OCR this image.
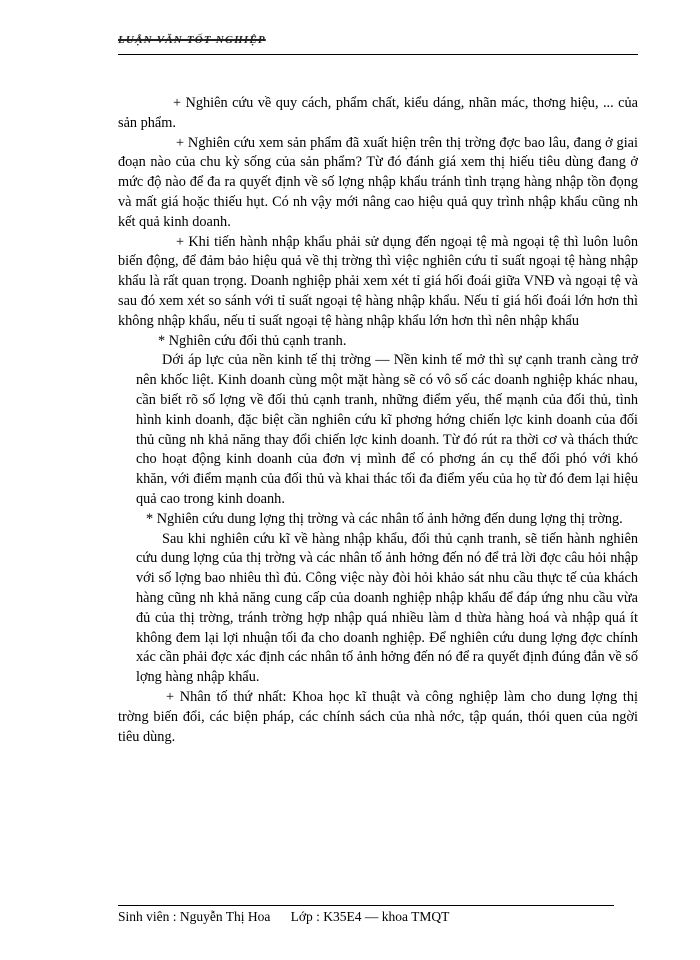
LUẬN VĂN TỐT NGHIỆP

+ Nghiên cứu về quy cách, phẩm chất, kiểu dáng, nhãn mác, thơng hiệu, ... của sản phẩm.

+ Nghiên cứu xem sản phẩm đã xuất hiện trên thị trờng đợc bao lâu, đang ở giai đoạn nào của chu kỳ sống của sản phẩm? Từ đó đánh giá xem thị hiếu tiêu dùng đang ở mức độ nào để đa ra quyết định về số lợng nhập khẩu tránh tình trạng hàng nhập tồn đọng và mất giá hoặc thiếu hụt. Có nh vậy mới nâng cao hiệu quả quy trình nhập khẩu cũng nh kết quả kinh doanh.

+ Khi tiến hành nhập khẩu phải sử dụng đến ngoại tệ mà ngoại tệ thì luôn luôn biến động, để đảm bảo hiệu quả về thị trờng thì việc nghiên cứu tỉ suất ngoại tệ hàng nhập khẩu là rất quan trọng. Doanh nghiệp phải xem xét tỉ giá hối đoái giữa VNĐ và ngoại tệ và sau đó xem xét so sánh với tỉ suất ngoại tệ hàng nhập khẩu. Nếu tỉ giá hối đoái lớn hơn thì không nhập khẩu, nếu tỉ suất ngoại tệ hàng nhập khẩu lớn hơn thì nên nhập khẩu

* Nghiên cứu đối thủ cạnh tranh.

Dới áp lực của nền kinh tế thị trờng — Nền kinh tế mở thì sự cạnh tranh càng trở nên khốc liệt. Kinh doanh cùng một mặt hàng sẽ có vô số các doanh nghiệp khác nhau, cần biết rõ số lợng về đối thủ cạnh tranh, những điểm yếu, thế mạnh của đối thủ, tình hình kinh doanh, đặc biệt cần nghiên cứu kĩ phơng hớng chiến lợc kinh doanh của đối thủ cũng nh khả năng thay đổi chiến lợc kinh doanh. Từ đó rút ra thời cơ và thách thức cho hoạt động kinh doanh của đơn vị mình để có phơng án cụ thể đối phó với khó khăn, với điểm mạnh của đối thủ và khai thác tối đa điểm yếu của họ từ đó đem lại hiệu quả cao trong kinh doanh.

* Nghiên cứu dung lợng thị trờng và các nhân tố ảnh hởng đến dung lợng thị trờng.

Sau khi nghiên cứu kĩ về hàng nhập khẩu, đối thủ cạnh tranh, sẽ tiến hành nghiên cứu dung lợng của thị trờng và các nhân tố ảnh hởng đến nó để trả lời đợc câu hỏi nhập với số lợng bao nhiêu thì đủ. Công việc này đòi hỏi khảo sát nhu cầu thực tế của khách hàng cũng nh khả năng cung cấp của doanh nghiệp nhập khẩu để đáp ứng nhu cầu vừa đủ của thị trờng, tránh trờng hợp nhập quá nhiều làm d thừa hàng hoá và nhập quá ít không đem lại lợi nhuận tối đa cho doanh nghiệp. Để nghiên cứu dung lợng đợc chính xác cần phải đợc xác định các nhân tố ảnh hởng đến nó để ra quyết định đúng đắn về số lợng hàng nhập khẩu.

+ Nhân tố thứ nhất: Khoa học kĩ thuật và công nghiệp làm cho dung lợng thị trờng biến đổi, các biện pháp, các chính sách của nhà nớc, tập quán, thói quen của ngời tiêu dùng.

Sinh viên : Nguyễn Thị Hoa Lớp : K35E4 — khoa TMQT
